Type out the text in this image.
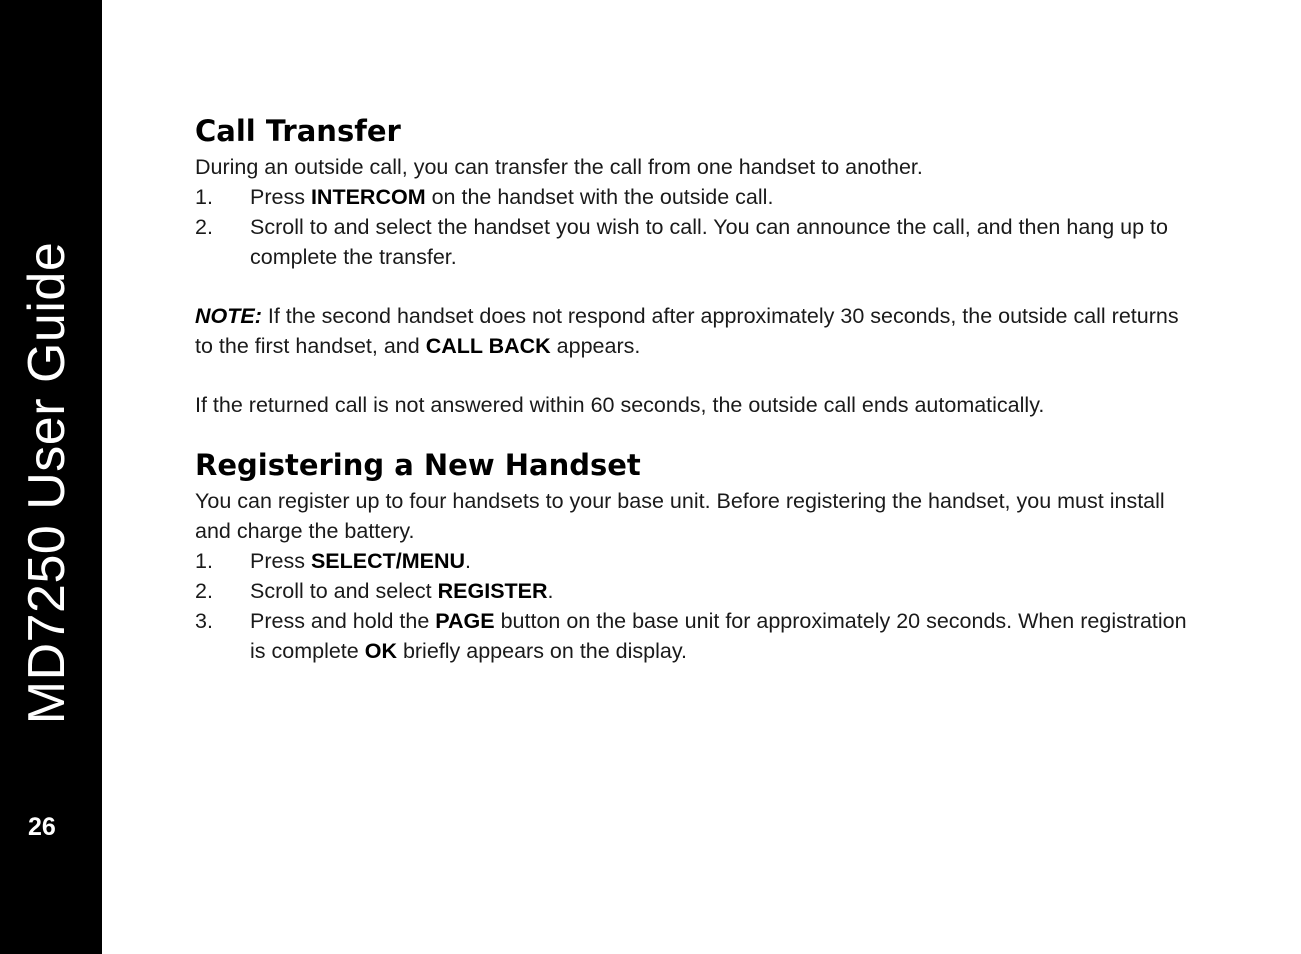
MD7250 User Guide
26
Call Transfer

During an outside call, you can transfer the call from one handset to another.

1.	Press INTERCOM on the handset with the outside call.
2.	Scroll to and select the handset you wish to call. You can announce the call, and then hang up to complete the transfer.

NOTE: If the second handset does not respond after approximately 30 seconds, the outside call returns to the first handset, and CALL BACK appears.

If the returned call is not answered within 60 seconds, the outside call ends automatically.

Registering a New Handset

You can register up to four handsets to your base unit. Before registering the handset, you must install and charge the battery.

1.	Press SELECT/MENU.
2.	Scroll to and select REGISTER.
3.	Press and hold the PAGE button on the base unit for approximately 20 seconds. When registration is complete OK briefly appears on the display.
